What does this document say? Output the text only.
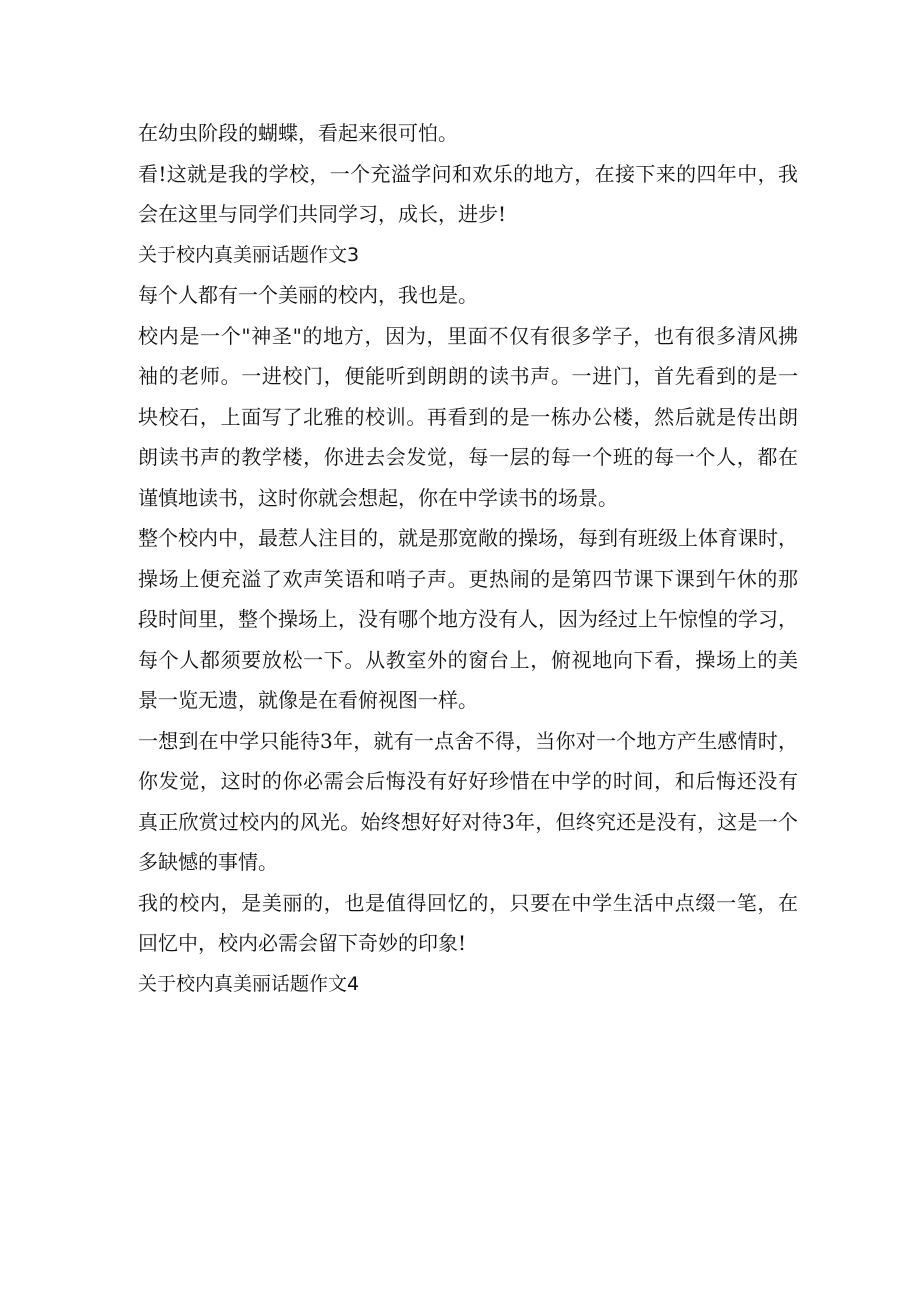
在幼虫阶段的蝴蝶，看起来很可怕。

看!这就是我的学校，一个充溢学问和欢乐的地方，在接下来的四年中，我
会在这里与同学们共同学习，成长，进步!

关于校内真美丽话题作文3

每个人都有一个美丽的校内，我也是。

校内是一个"神圣"的地方，因为，里面不仅有很多学子，也有很多清风拂
袖的老师。一进校门，便能听到朗朗的读书声。一进门，首先看到的是一
块校石，上面写了北雅的校训。再看到的是一栋办公楼，然后就是传出朗
朗读书声的教学楼，你进去会发觉，每一层的每一个班的每一个人，都在
谨慎地读书，这时你就会想起，你在中学读书的场景。

整个校内中，最惹人注目的，就是那宽敞的操场，每到有班级上体育课时，
操场上便充溢了欢声笑语和哨子声。更热闹的是第四节课下课到午休的那
段时间里，整个操场上，没有哪个地方没有人，因为经过上午惊惶的学习，
每个人都须要放松一下。从教室外的窗台上，俯视地向下看，操场上的美
景一览无遗，就像是在看俯视图一样。

一想到在中学只能待3年，就有一点舍不得，当你对一个地方产生感情时，
你发觉，这时的你必需会后悔没有好好珍惜在中学的时间，和后悔还没有
真正欣赏过校内的风光。始终想好好对待3年，但终究还是没有，这是一个
多缺憾的事情。

我的校内，是美丽的，也是值得回忆的，只要在中学生活中点缀一笔，在
回忆中，校内必需会留下奇妙的印象!

关于校内真美丽话题作文4
